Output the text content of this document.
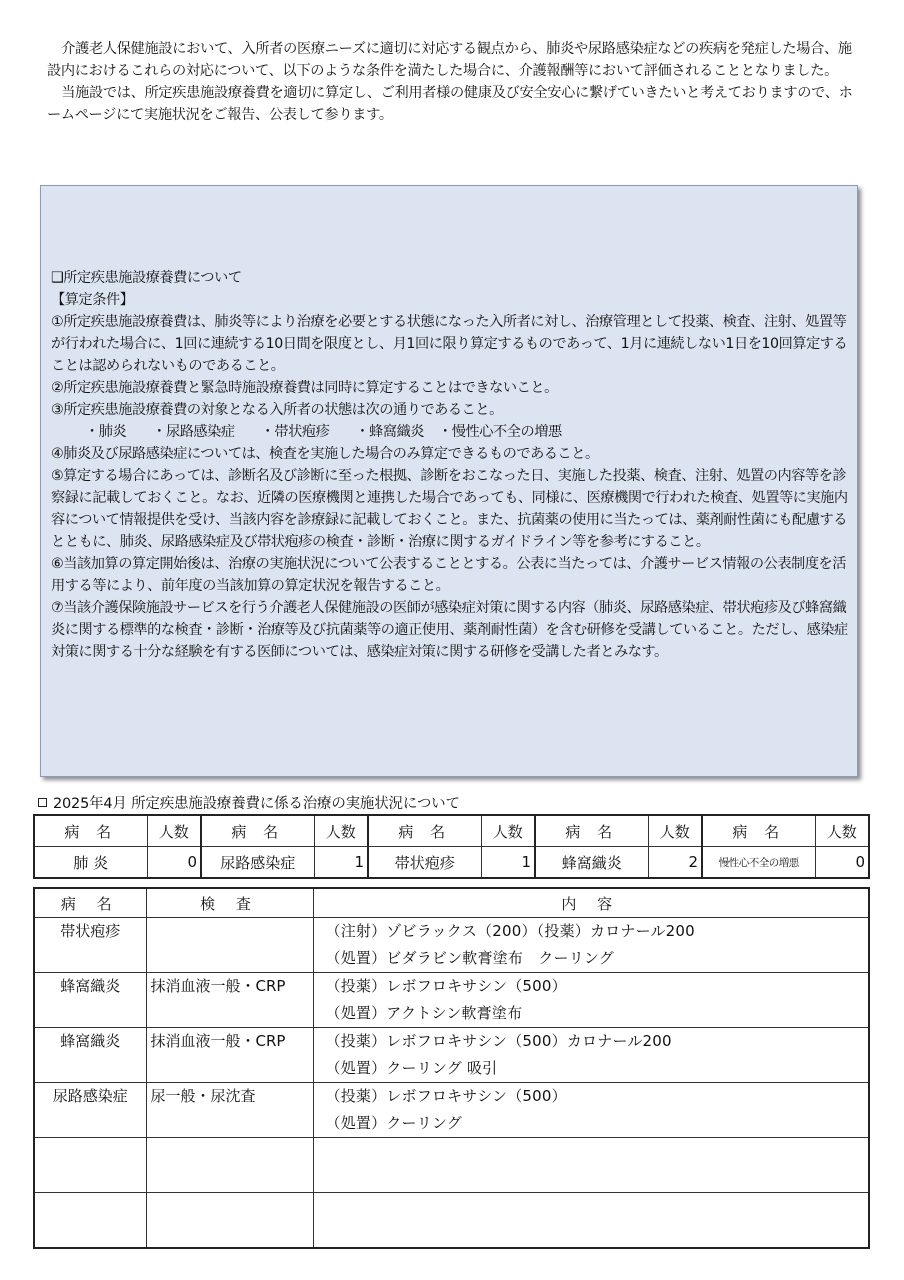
介護老人保健施設において、入所者の医療ニーズに適切に対応する観点から、肺炎や尿路感染症などの疾病を発症した場合、施設内におけるこれらの対応について、以下のような条件を満たした場合に、介護報酬等において評価されることとなりました。

当施設では、所定疾患施設療養費を適切に算定し、ご利用者様の健康及び安全安心に繋げていきたいと考えておりますので、ホームページにて実施状況をご報告、公表して参ります。

❑所定疾患施設療養費について
【算定条件】
①所定疾患施設療養費は、肺炎等により治療を必要とする状態になった入所者に対し、治療管理として投薬、検査、注射、処置等が行われた場合に、1回に連続する10日間を限度とし、月1回に限り算定するものであって、1月に連続しない1日を10回算定することは認められないものであること。
②所定疾患施設療養費と緊急時施設療養費は同時に算定することはできないこと。
③所定疾患施設療養費の対象となる入所者の状態は次の通りであること。
・肺炎 ・尿路感染症 ・帯状疱疹 ・蜂窩織炎 ・慢性心不全の増悪
④肺炎及び尿路感染症については、検査を実施した場合のみ算定できるものであること。
⑤算定する場合にあっては、診断名及び診断に至った根拠、診断をおこなった日、実施した投薬、検査、注射、処置の内容等を診察録に記載しておくこと。なお、近隣の医療機関と連携した場合であっても、同様に、医療機関で行われた検査、処置等に実施内容について情報提供を受け、当該内容を診療録に記載しておくこと。また、抗菌薬の使用に当たっては、薬剤耐性菌にも配慮するとともに、肺炎、尿路感染症及び帯状疱疹の検査・診断・治療に関するガイドライン等を参考にすること。
⑥当該加算の算定開始後は、治療の実施状況について公表することとする。公表に当たっては、介護サービス情報の公表制度を活用する等により、前年度の当該加算の算定状況を報告すること。
⑦当該介護保険施設サービスを行う介護老人保健施設の医師が感染症対策に関する内容（肺炎、尿路感染症、帯状疱疹及び蜂窩織炎に関する標準的な検査・診断・治療等及び抗菌薬等の適正使用、薬剤耐性菌）を含む研修を受講していること。ただし、感染症対策に関する十分な経験を有する医師については、感染症対策に関する研修を受講した者とみなす。
2025年4月 所定疾患施設療養費に係る治療の実施状況について
病 名	人数	病 名	人数	病 名	人数	病 名	人数	病 名	人数
肺 炎	0	尿路感染症	1	帯状疱疹	1	蜂窩織炎	2	慢性心不全の増悪	0
病 名	検 査	内 容

帯状疱疹		（注射）ゾビラックス（200）（投薬）カロナール200
（処置）ビダラビン軟膏塗布　クーリング

蜂窩織炎	抹消血液一般・CRP	（投薬）レボフロキサシン（500）
（処置）アクトシン軟膏塗布

蜂窩織炎	抹消血液一般・CRP	（投薬）レボフロキサシン（500）カロナール200
（処置）クーリング 吸引

尿路感染症	尿一般・尿沈査	（投薬）レボフロキサシン（500）
（処置）クーリング
